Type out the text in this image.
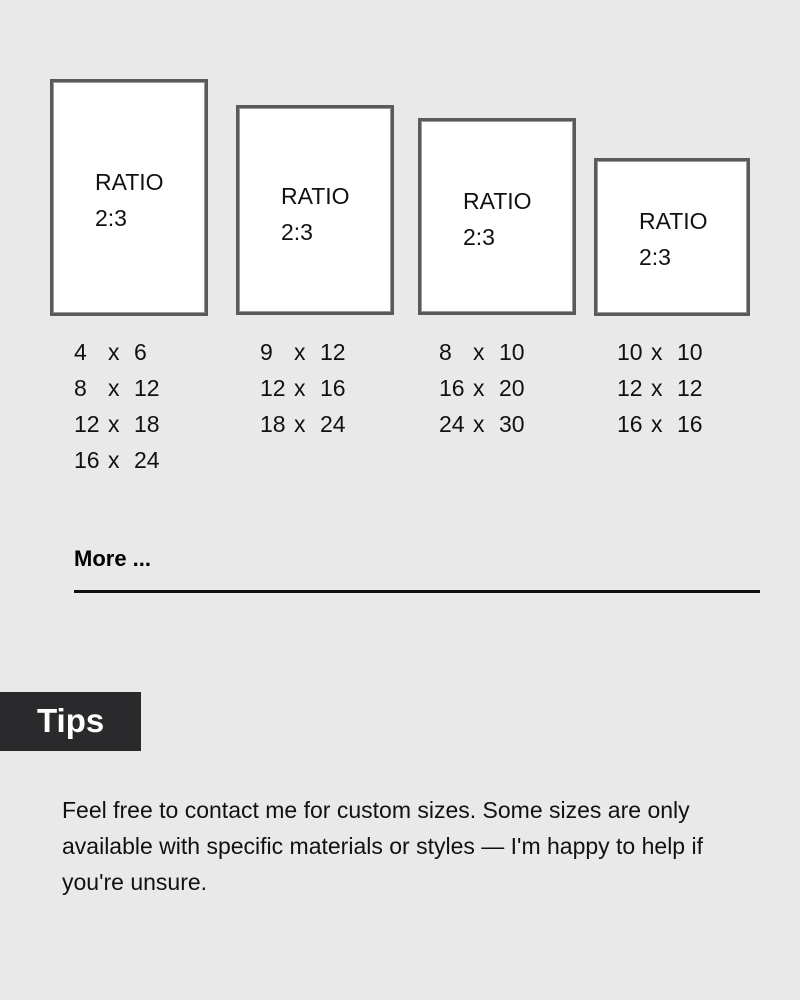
RATIO
2:3
RATIO
2:3
RATIO
2:3
RATIO
2:3
4 x 6
8 x 12
12 x 18
16 x 24
9 x 12
12 x 16
18 x 24
8 x 10
16 x 20
24 x 30
10 x 10
12 x 12
16 x 16
More ...
Tips
Feel free to contact me for custom sizes. Some sizes are only available with specific materials or styles — I'm happy to help if you're unsure.
